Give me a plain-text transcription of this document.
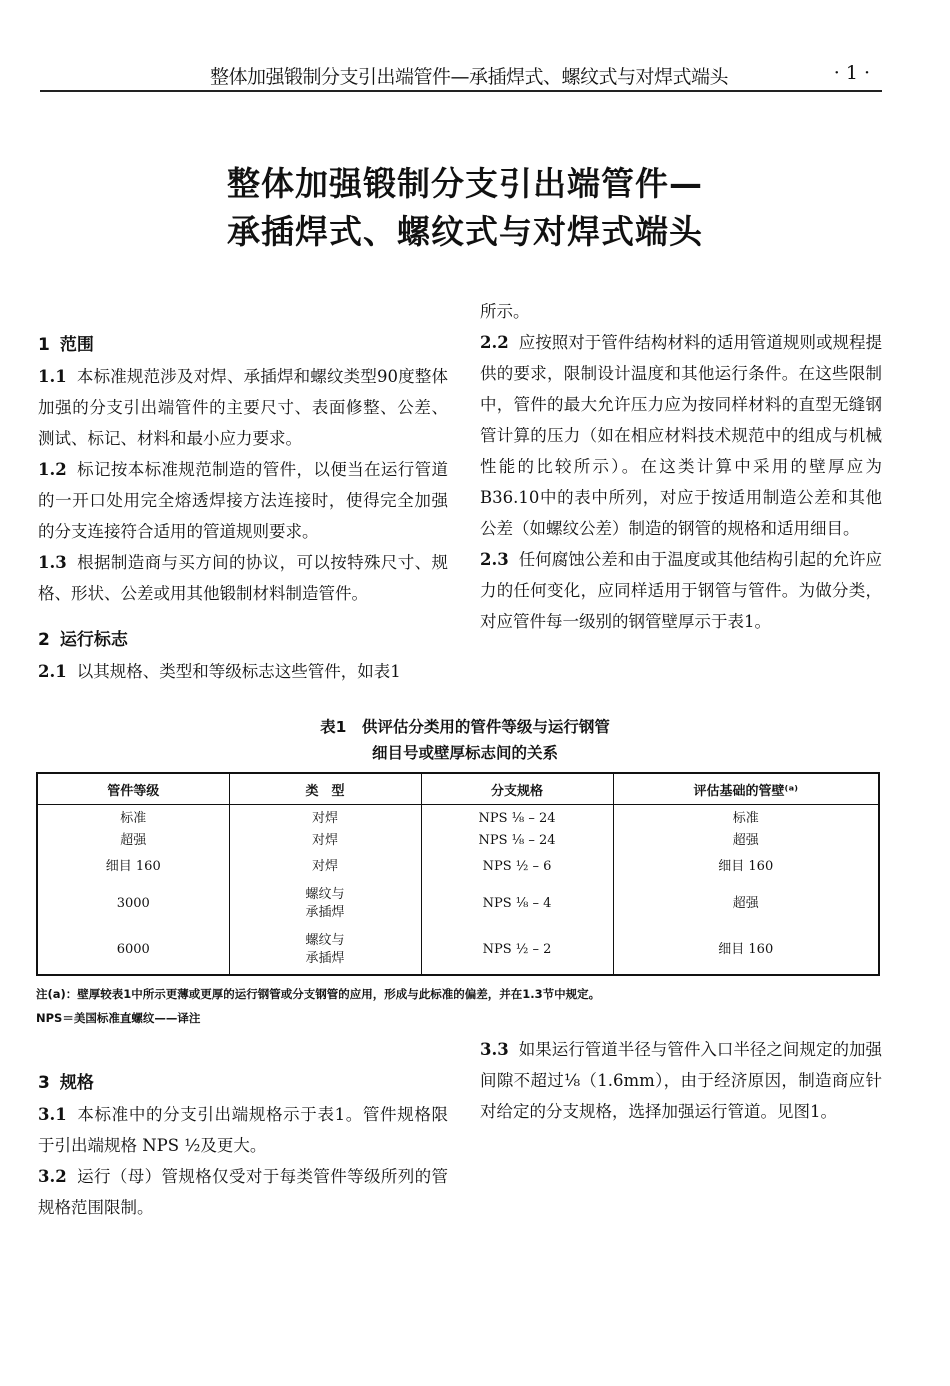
整体加强锻制分支引出端管件—承插焊式、螺纹式与对焊式端头	· 1 ·
整体加强锻制分支引出端管件—
承插焊式、螺纹式与对焊式端头

1 范围

1.1 本标准规范涉及对焊、承插焊和螺纹类型90度整体加强的分支引出端管件的主要尺寸、表面修整、公差、测试、标记、材料和最小应力要求。

1.2 标记按本标准规范制造的管件，以便当在运行管道的一开口处用完全熔透焊接方法连接时，使得完全加强的分支连接符合适用的管道规则要求。

1.3 根据制造商与买方间的协议，可以按特殊尺寸、规格、形状、公差或用其他锻制材料制造管件。

2 运行标志

2.1 以其规格、类型和等级标志这些管件，如表1

所示。

2.2 应按照对于管件结构材料的适用管道规则或规程提供的要求，限制设计温度和其他运行条件。在这些限制中，管件的最大允许压力应为按同样材料的直型无缝钢管计算的压力（如在相应材料技术规范中的组成与机械性能的比较所示）。在这类计算中采用的壁厚应为B36.10中的表中所列，对应于按适用制造公差和其他公差（如螺纹公差）制造的钢管的规格和适用细目。

2.3 任何腐蚀公差和由于温度或其他结构引起的允许应力的任何变化，应同样适用于钢管与管件。为做分类，对应管件每一级别的钢管壁厚示于表1。

表1　供评估分类用的管件等级与运行钢管
细目号或壁厚标志间的关系
管件等级	类　型	分支规格	评估基础的管壁⁽ᵃ⁾
标准	对焊	NPS ⅛ – 24	标准
超强	对焊	NPS ⅛ – 24	超强
细目 160	对焊	NPS ½ – 6	细目 160
3000	螺纹与
承插焊	NPS ⅛ – 4	超强
6000	螺纹与
承插焊	NPS ½ – 2	细目 160
注(a)：壁厚较表1中所示更薄或更厚的运行钢管或分支钢管的应用，形成与此标准的偏差，并在1.3节中规定。
NPS＝美国标准直螺纹——译注

3 规格

3.1 本标准中的分支引出端规格示于表1。管件规格限于引出端规格 NPS ½及更大。

3.2 运行（母）管规格仅受对于每类管件等级所列的管规格范围限制。

3.3 如果运行管道半径与管件入口半径之间规定的加强间隙不超过⅛（1.6mm），由于经济原因，制造商应针对给定的分支规格，选择加强运行管道。见图1。
